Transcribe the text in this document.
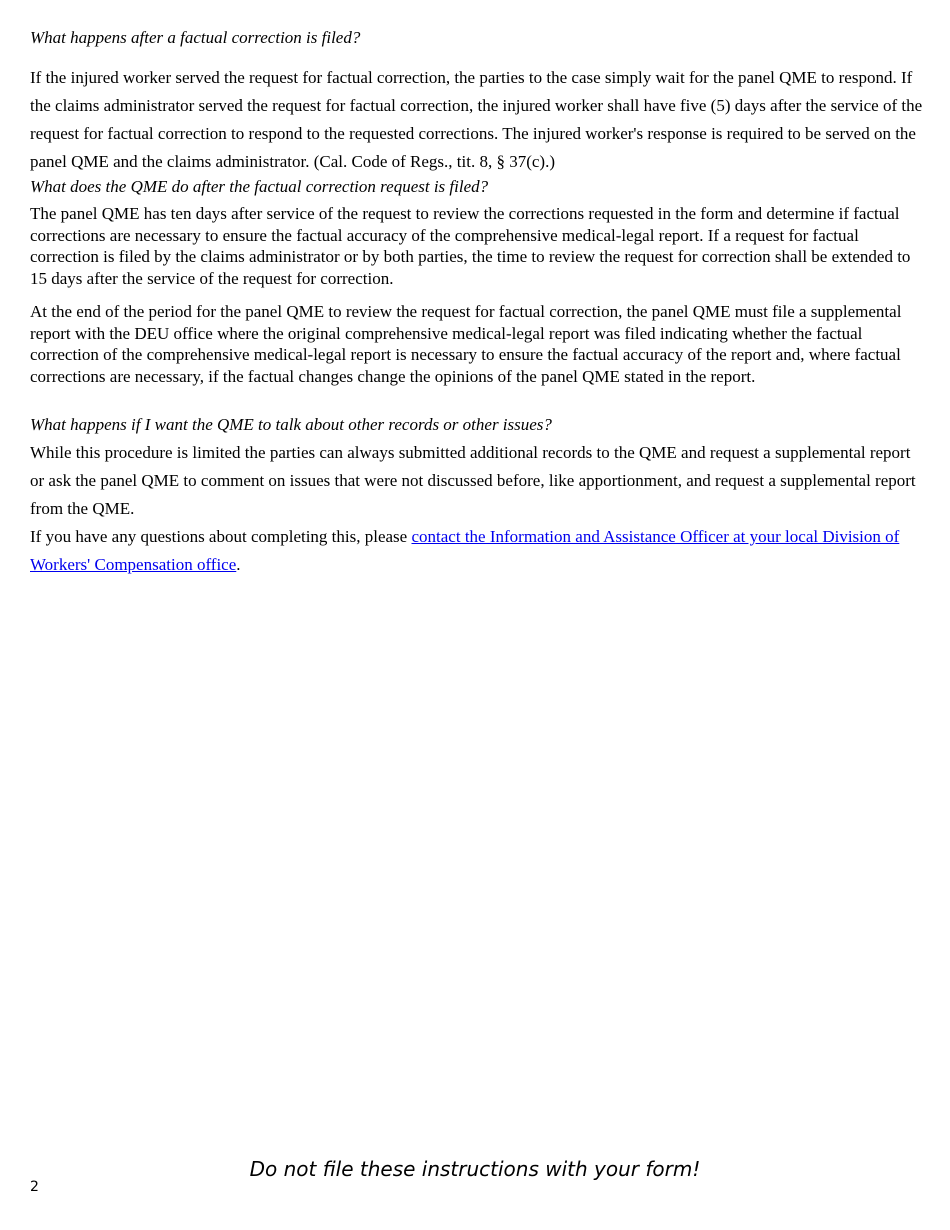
What happens after a factual correction is filed?

If the injured worker served the request for factual correction, the parties to the case simply wait for the panel QME to respond. If the claims administrator served the request for factual correction, the injured worker shall have five (5) days after the service of the request for factual correction to respond to the requested corrections. The injured worker's response is required to be served on the panel QME and the claims administrator. (Cal. Code of Regs., tit. 8, § 37(c).)

What does the QME do after the factual correction request is filed?

The panel QME has ten days after service of the request to review the corrections requested in the form and determine if factual corrections are necessary to ensure the factual accuracy of the comprehensive medical-legal report. If a request for factual correction is filed by the claims administrator or by both parties, the time to review the request for correction shall be extended to 15 days after the service of the request for correction.

At the end of the period for the panel QME to review the request for factual correction, the panel QME must file a supplemental report with the DEU office where the original comprehensive medical-legal report was filed indicating whether the factual correction of the comprehensive medical-legal report is necessary to ensure the factual accuracy of the report and, where factual corrections are necessary, if the factual changes change the opinions of the panel QME stated in the report.

What happens if I want the QME to talk about other records or other issues?

While this procedure is limited the parties can always submitted additional records to the QME and request a supplemental report or ask the panel QME to comment on issues that were not discussed before, like apportionment, and request a supplemental report from the QME.

If you have any questions about completing this, please contact the Information and Assistance Officer at your local Division of Workers' Compensation office.

Do not file these instructions with your form!

2
